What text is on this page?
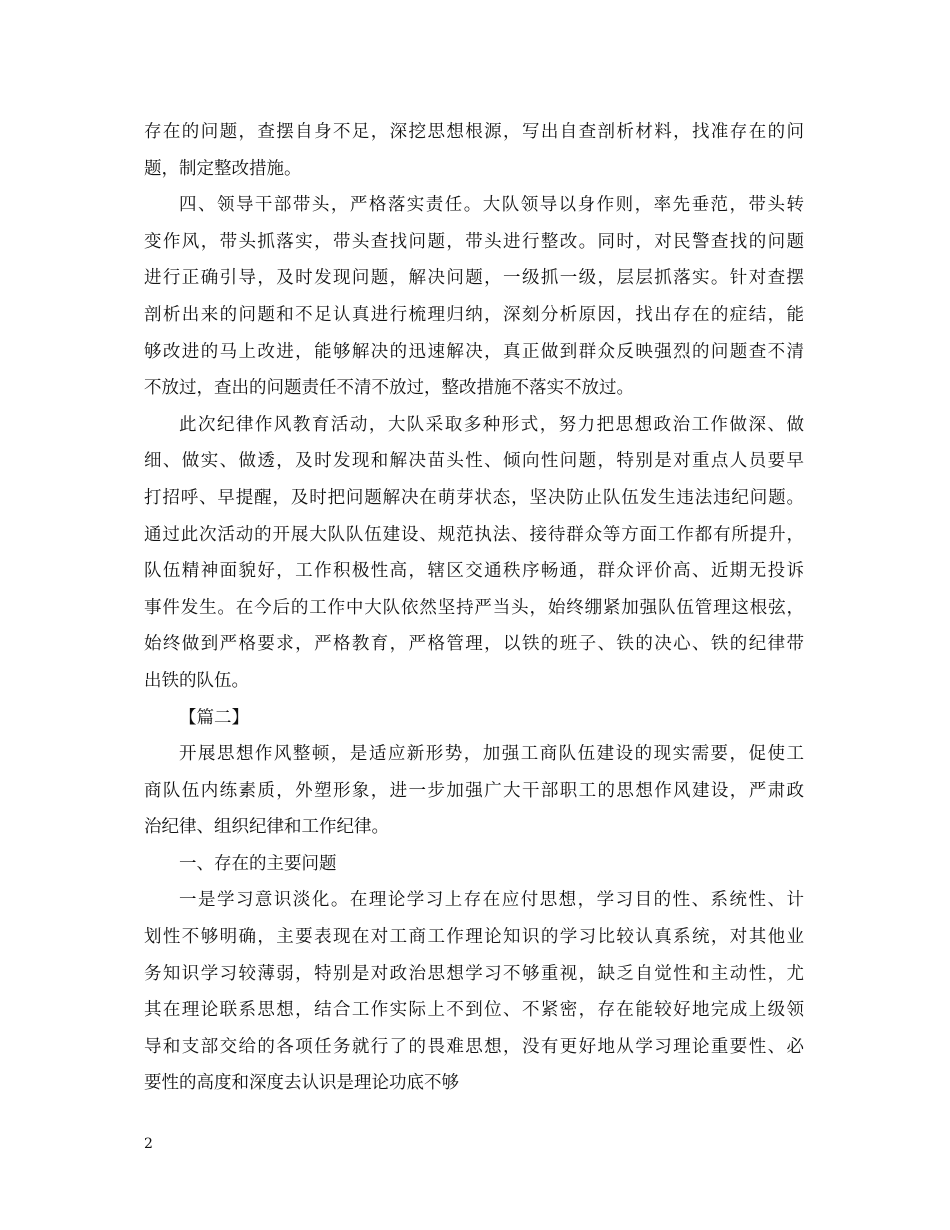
存在的问题，查摆自身不足，深挖思想根源，写出自查剖析材料，找准存在的问
题，制定整改措施。
四、领导干部带头，严格落实责任。大队领导以身作则，率先垂范，带头转
变作风，带头抓落实，带头查找问题，带头进行整改。同时，对民警查找的问题
进行正确引导，及时发现问题，解决问题，一级抓一级，层层抓落实。针对查摆
剖析出来的问题和不足认真进行梳理归纳，深刻分析原因，找出存在的症结，能
够改进的马上改进，能够解决的迅速解决，真正做到群众反映强烈的问题查不清
不放过，查出的问题责任不清不放过，整改措施不落实不放过。
此次纪律作风教育活动，大队采取多种形式，努力把思想政治工作做深、做
细、做实、做透，及时发现和解决苗头性、倾向性问题，特别是对重点人员要早
打招呼、早提醒，及时把问题解决在萌芽状态，坚决防止队伍发生违法违纪问题。
通过此次活动的开展大队队伍建设、规范执法、接待群众等方面工作都有所提升，
队伍精神面貌好，工作积极性高，辖区交通秩序畅通，群众评价高、近期无投诉
事件发生。在今后的工作中大队依然坚持严当头，始终绷紧加强队伍管理这根弦，
始终做到严格要求，严格教育，严格管理，以铁的班子、铁的决心、铁的纪律带
出铁的队伍。
【篇二】
开展思想作风整顿，是适应新形势，加强工商队伍建设的现实需要，促使工
商队伍内练素质，外塑形象，进一步加强广大干部职工的思想作风建设，严肃政
治纪律、组织纪律和工作纪律。
一、存在的主要问题
一是学习意识淡化。在理论学习上存在应付思想，学习目的性、系统性、计
划性不够明确，主要表现在对工商工作理论知识的学习比较认真系统，对其他业
务知识学习较薄弱，特别是对政治思想学习不够重视，缺乏自觉性和主动性，尤
其在理论联系思想，结合工作实际上不到位、不紧密，存在能较好地完成上级领
导和支部交给的各项任务就行了的畏难思想，没有更好地从学习理论重要性、必
要性的高度和深度去认识是理论功底不够
2
